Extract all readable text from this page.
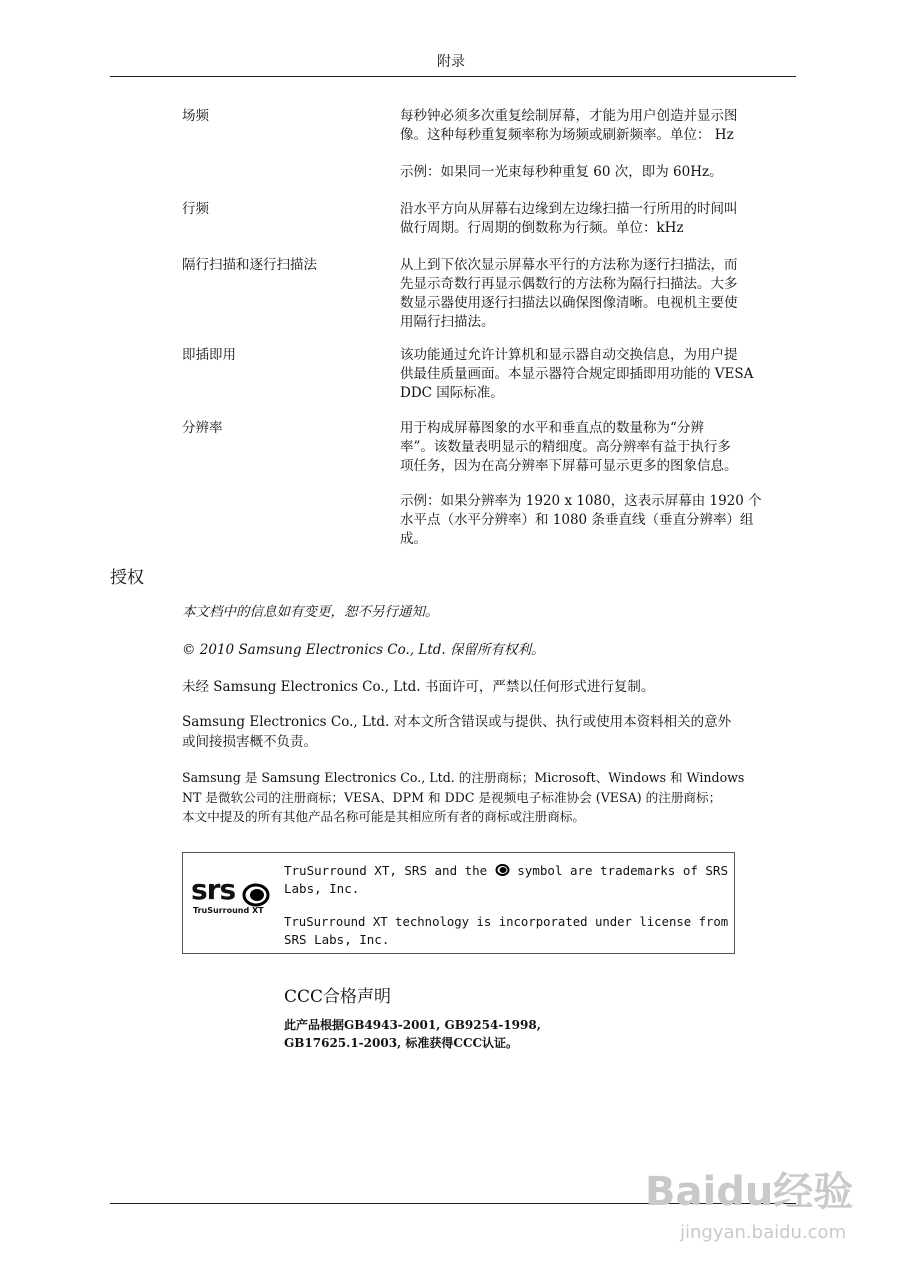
附录
场频	每秒钟必须多次重复绘制屏幕，才能为用户创造并显示图
像。这种每秒重复频率称为场频或刷新频率。单位： Hz
示例：如果同一光束每秒种重复 60 次，即为 60Hz。
行频	沿水平方向从屏幕右边缘到左边缘扫描一行所用的时间叫
做行周期。行周期的倒数称为行频。单位：kHz
隔行扫描和逐行扫描法	从上到下依次显示屏幕水平行的方法称为逐行扫描法，而
先显示奇数行再显示偶数行的方法称为隔行扫描法。大多
数显示器使用逐行扫描法以确保图像清晰。电视机主要使
用隔行扫描法。
即插即用	该功能通过允许计算机和显示器自动交换信息，为用户提
供最佳质量画面。本显示器符合规定即插即用功能的 VESA
DDC 国际标准。
分辨率	用于构成屏幕图象的水平和垂直点的数量称为“分辨
率”。该数量表明显示的精细度。高分辨率有益于执行多
项任务，因为在高分辨率下屏幕可显示更多的图象信息。
示例：如果分辨率为 1920 x 1080，这表示屏幕由 1920 个
水平点（水平分辨率）和 1080 条垂直线（垂直分辨率）组
成。
授权
本文档中的信息如有变更，恕不另行通知。
© 2010 Samsung Electronics Co., Ltd. 保留所有权利。
未经 Samsung Electronics Co., Ltd. 书面许可，严禁以任何形式进行复制。
Samsung Electronics Co., Ltd. 对本文所含错误或与提供、执行或使用本资料相关的意外
或间接损害概不负责。
Samsung 是 Samsung Electronics Co., Ltd. 的注册商标；Microsoft、Windows 和 Windows
NT 是微软公司的注册商标；VESA、DPM 和 DDC 是视频电子标准协会 (VESA) 的注册商标；
本文中提及的所有其他产品名称可能是其相应所有者的商标或注册商标。
srs
TruSurround XT
TruSurround XT, SRS and the symbol are trademarks of SRS
Labs, Inc.
TruSurround XT technology is incorporated under license from
SRS Labs, Inc.
CCC合格声明
此产品根据GB4943-2001, GB9254-1998,
GB17625.1-2003, 标准获得CCC认证。
Baidu经验
jingyan.baidu.com
